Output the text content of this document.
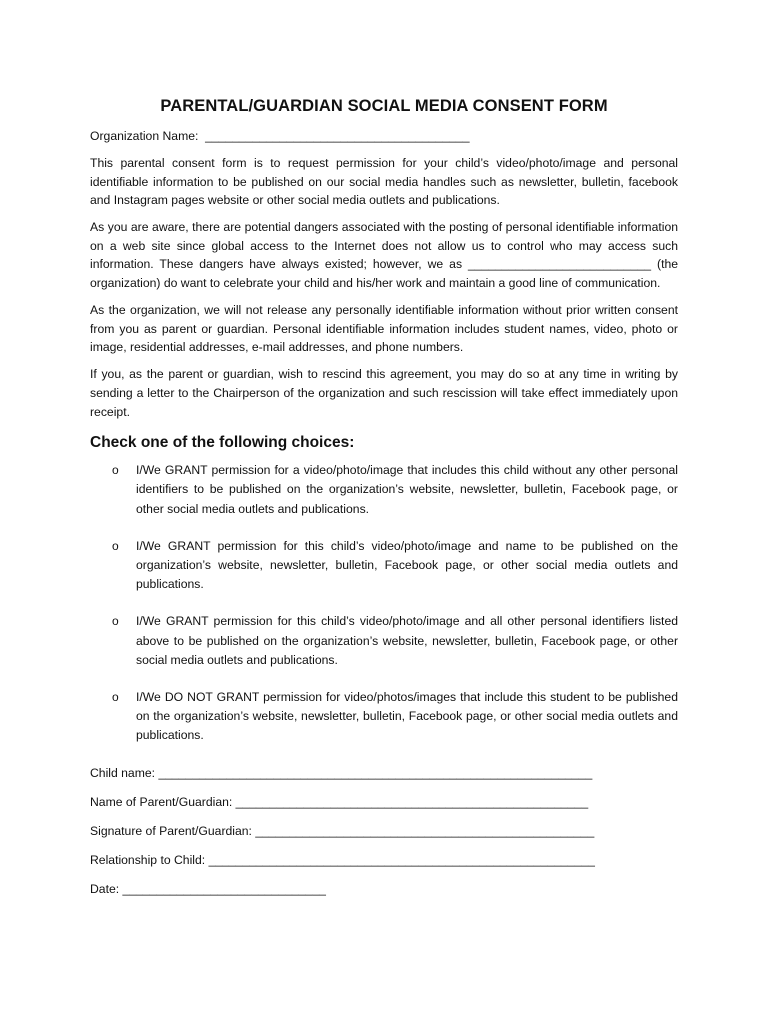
PARENTAL/GUARDIAN SOCIAL MEDIA CONSENT FORM
Organization Name: _______________________________________

This parental consent form is to request permission for your child’s video/photo/image and personal identifiable information to be published on our social media handles such as newsletter, bulletin, facebook and Instagram pages website or other social media outlets and publications.

As you are aware, there are potential dangers associated with the posting of personal identifiable information on a web site since global access to the Internet does not allow us to control who may access such information. These dangers have always existed; however, we as ___________________________ (the organization) do want to celebrate your child and his/her work and maintain a good line of communication.

As the organization, we will not release any personally identifiable information without prior written consent from you as parent or guardian. Personal identifiable information includes student names, video, photo or image, residential addresses, e-mail addresses, and phone numbers.

If you, as the parent or guardian, wish to rescind this agreement, you may do so at any time in writing by sending a letter to the Chairperson of the organization and such rescission will take effect immediately upon receipt.

Check one of the following choices:
o I/We GRANT permission for a video/photo/image that includes this child without any other personal identifiers to be published on the organization’s website, newsletter, bulletin, Facebook page, or other social media outlets and publications.
o I/We GRANT permission for this child’s video/photo/image and name to be published on the organization’s website, newsletter, bulletin, Facebook page, or other social media outlets and publications.
o I/We GRANT permission for this child’s video/photo/image and all other personal identifiers listed above to be published on the organization’s website, newsletter, bulletin, Facebook page, or other social media outlets and publications.
o I/We DO NOT GRANT permission for video/photos/images that include this student to be published on the organization’s website, newsletter, bulletin, Facebook page, or other social media outlets and publications.
Child name: ________________________________________________________________
Name of Parent/Guardian: ____________________________________________________
Signature of Parent/Guardian: __________________________________________________
Relationship to Child: _________________________________________________________
Date: ______________________________
